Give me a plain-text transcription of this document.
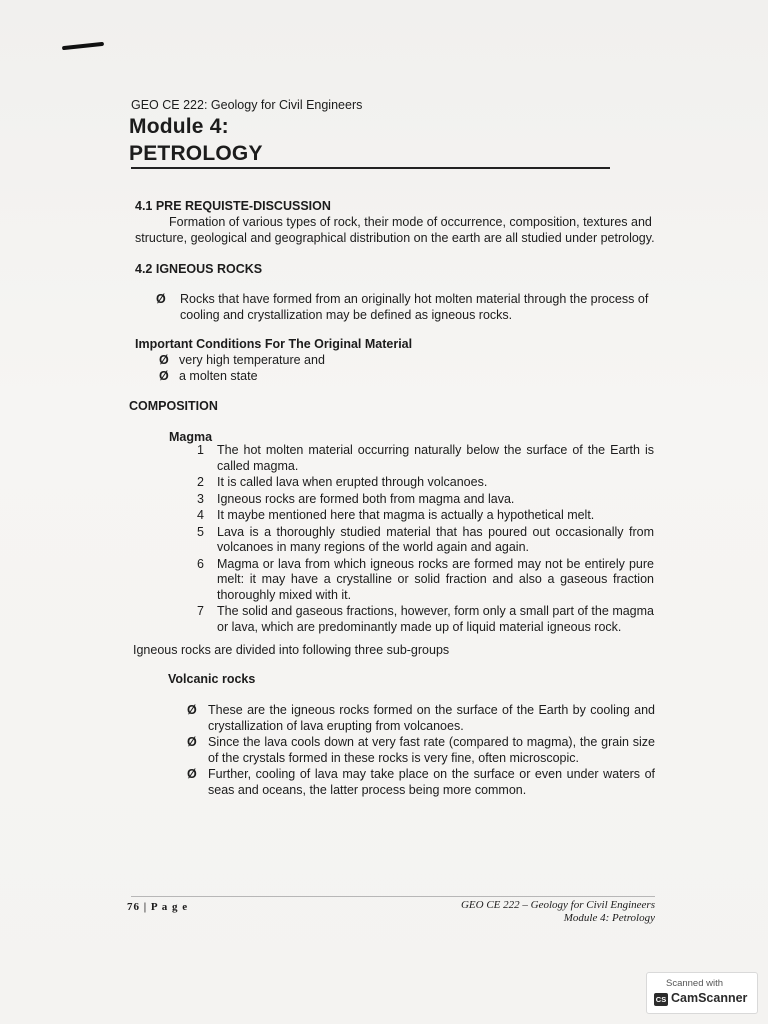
GEO CE 222: Geology for Civil Engineers
Module 4:
PETROLOGY
4.1 PRE REQUISTE-DISCUSSION
Formation of various types of rock, their mode of occurrence, composition, textures and
structure, geological and geographical distribution on the earth are all studied under petrology.
4.2 IGNEOUS ROCKS
Ø	Rocks that have formed from an originally hot molten material through the process of cooling and crystallization may be defined as igneous rocks.
Important Conditions For The Original Material
Ø very high temperature and
Ø a molten state
COMPOSITION
Magma
1	The hot molten material occurring naturally below the surface of the Earth is called magma.
2	It is called lava when erupted through volcanoes.
3	Igneous rocks are formed both from magma and lava.
4	It maybe mentioned here that magma is actually a hypothetical melt.
5	Lava is a thoroughly studied material that has poured out occasionally from volcanoes in many regions of the world again and again.
6	Magma or lava from which igneous rocks are formed may not be entirely pure melt: it may have a crystalline or solid fraction and also a gaseous fraction thoroughly mixed with it.
7	The solid and gaseous fractions, however, form only a small part of the magma or lava, which are predominantly made up of liquid material igneous rock.
Igneous rocks are divided into following three sub-groups
Volcanic rocks
Ø These are the igneous rocks formed on the surface of the Earth by cooling and crystallization of lava erupting from volcanoes.
Ø Since the lava cools down at very fast rate (compared to magma), the grain size of the crystals formed in these rocks is very fine, often microscopic.
Ø Further, cooling of lava may take place on the surface or even under waters of seas and oceans, the latter process being more common.
76 | P a g e	GEO CE 222 – Geology for Civil Engineers
Module 4: Petrology
Scanned with
CS CamScanner
